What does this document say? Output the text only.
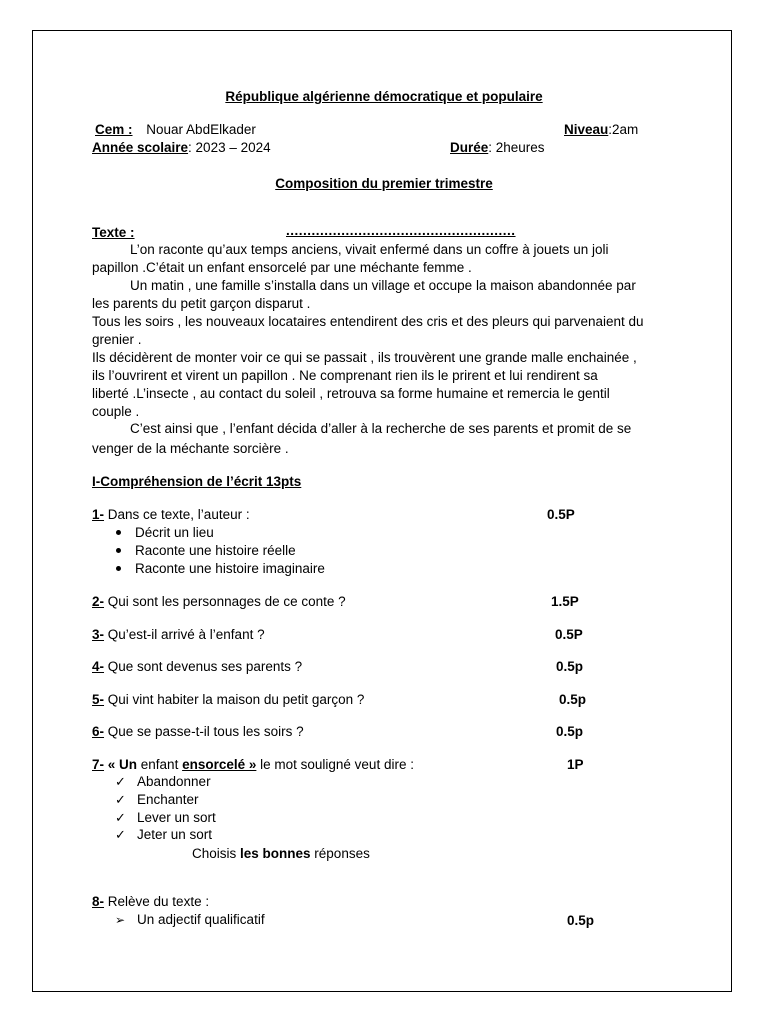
République algérienne démocratique et populaire
Cem : Nouar AbdElkader	Niveau:2am
Année scolaire: 2023 – 2024	Durée: 2heures
Composition du premier trimestre
Texte :	......................................................
L’on raconte qu’aux temps anciens, vivait enfermé dans un coffre à jouets un joli
papillon .C’était un enfant ensorcelé par une méchante femme .
Un matin , une famille s’installa dans un village et occupe la maison abandonnée par
les parents du petit garçon disparut .
Tous les soirs , les nouveaux locataires entendirent des cris et des pleurs qui parvenaient du
grenier .
Ils décidèrent de monter voir ce qui se passait , ils trouvèrent une grande malle enchainée ,
ils l’ouvrirent et virent un papillon . Ne comprenant rien ils le prirent et lui rendirent sa
liberté .L’insecte , au contact du soleil , retrouva sa forme humaine et remercia le gentil
couple .
C’est ainsi que , l’enfant décida d’aller à la recherche de ses parents et promit de se
venger de la méchante sorcière .
I-Compréhension de l’écrit 13pts
1- Dans ce texte, l’auteur :	0.5P
Décrit un lieu
Raconte une histoire réelle
Raconte une histoire imaginaire
2- Qui sont les personnages de ce conte ?	1.5P
3- Qu’est-il arrivé à l’enfant ?	0.5P
4- Que sont devenus ses parents ?	0.5p
5- Qui vint habiter la maison du petit garçon ?	0.5p
6- Que se passe-t-il tous les soirs ?	0.5p
7- « Un enfant ensorcelé » le mot souligné veut dire :	1P
✓ Abandonner
✓ Enchanter
✓ Lever un sort
✓ Jeter un sort
Choisis les bonnes réponses
8- Relève du texte :
➢ Un adjectif qualificatif	0.5p
